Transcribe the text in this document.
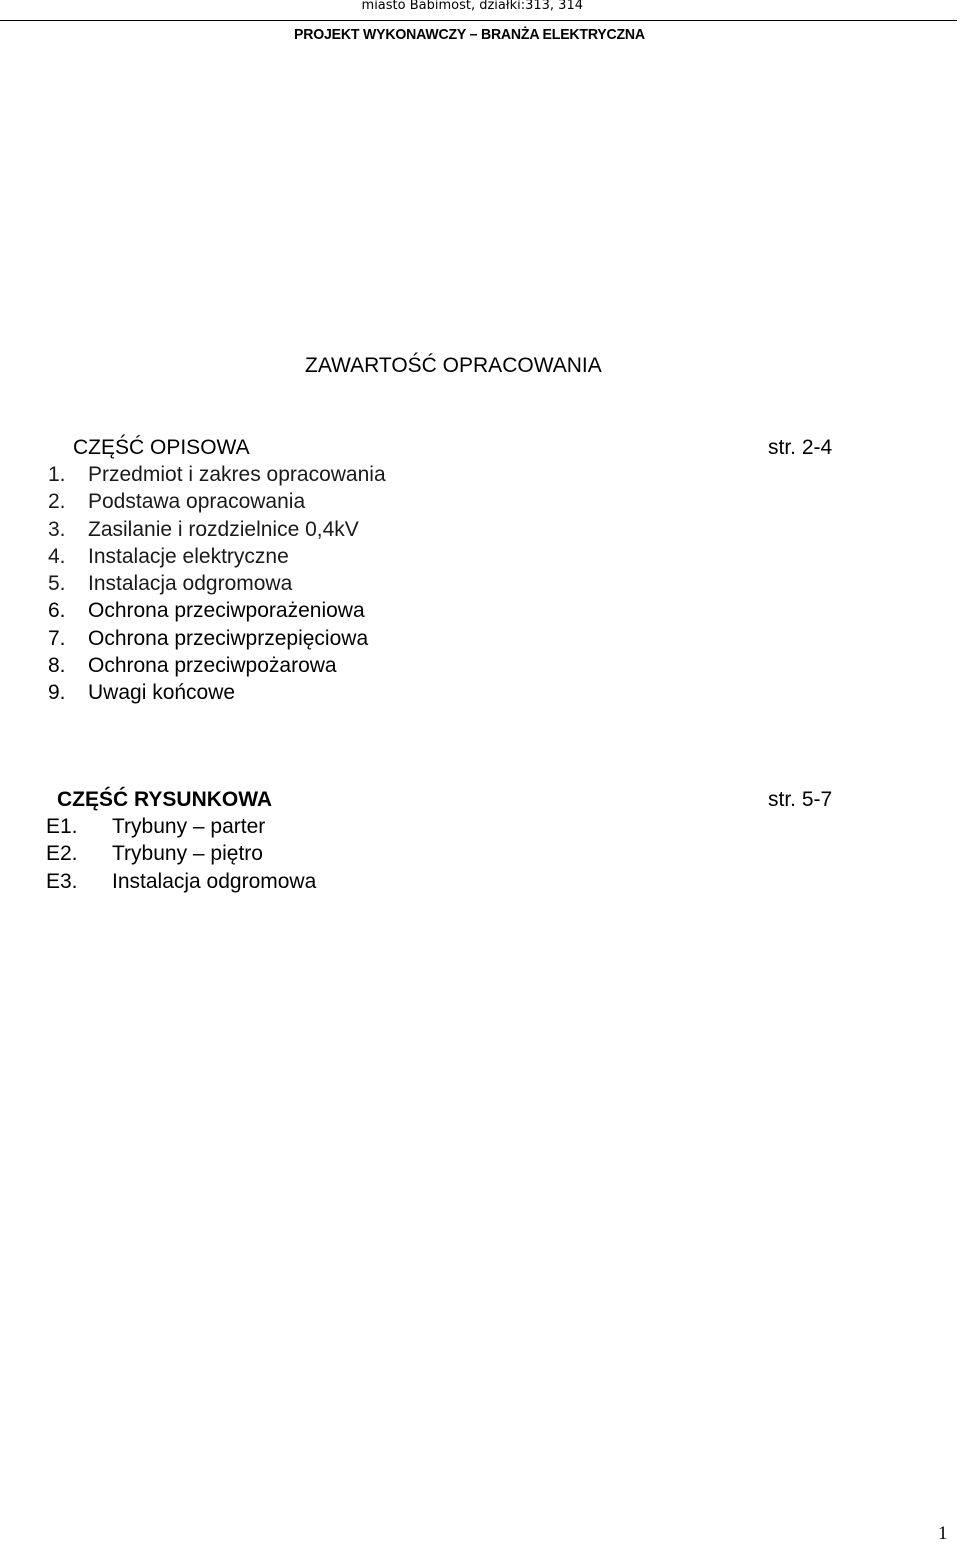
miasto Babimost, działki:313, 314
PROJEKT WYKONAWCZY – BRANŻA ELEKTRYCZNA
ZAWARTOŚĆ OPRACOWANIA
CZĘŚĆ OPISOWA	str. 2-4
1. Przedmiot i zakres opracowania
2. Podstawa opracowania
3. Zasilanie i rozdzielnice 0,4kV
4. Instalacje elektryczne
5. Instalacja odgromowa
6. Ochrona przeciwporażeniowa
7. Ochrona przeciwprzepięciowa
8. Ochrona przeciwpożarowa
9. Uwagi końcowe
CZĘŚĆ RYSUNKOWA	str. 5-7
E1. Trybuny – parter
E2. Trybuny – piętro
E3. Instalacja odgromowa
1
